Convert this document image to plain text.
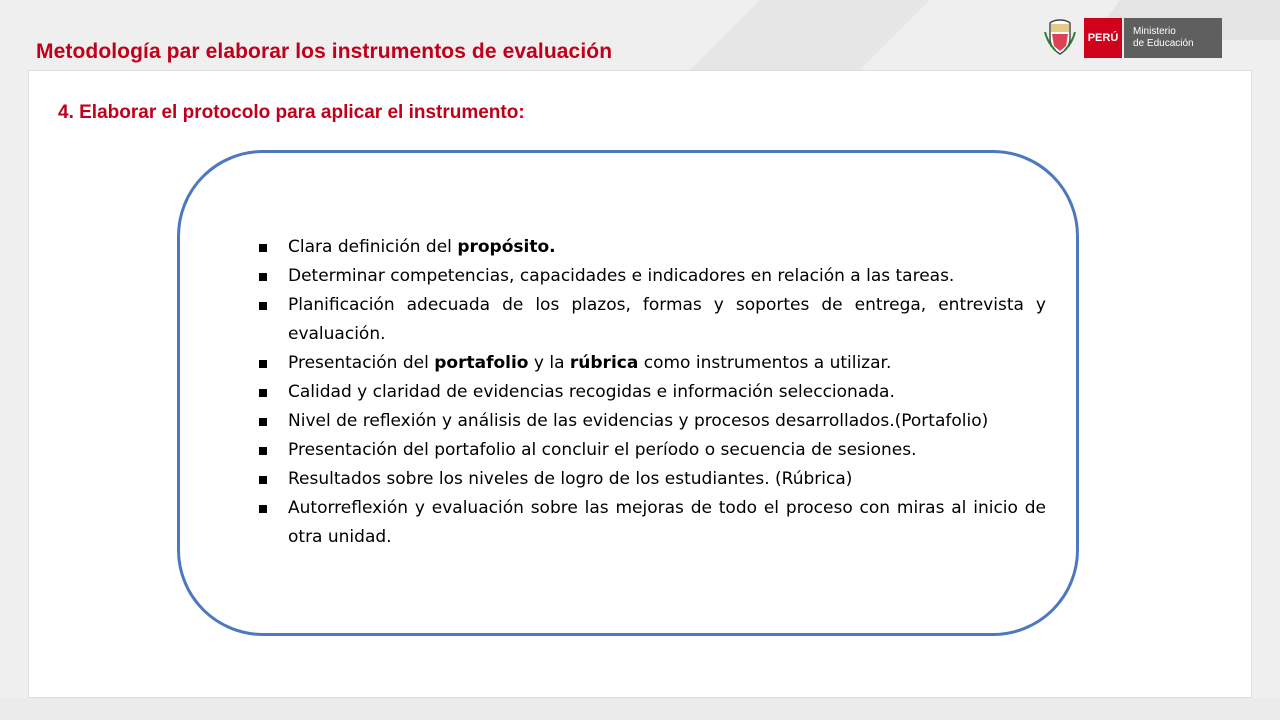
Metodología par elaborar los instrumentos de evaluación
PERÚ
Ministerio
de Educación
4. Elaborar el protocolo para aplicar el instrumento:
Clara definición del propósito.
Determinar competencias, capacidades e indicadores en relación a las tareas.
Planificación adecuada de los plazos, formas y soportes de entrega, entrevista y evaluación.
Presentación del portafolio y la rúbrica como instrumentos a utilizar.
Calidad y claridad de evidencias recogidas e información seleccionada.
Nivel de reflexión y análisis de las evidencias y procesos desarrollados.(Portafolio)
Presentación del portafolio al concluir el período o secuencia de sesiones.
Resultados sobre los niveles de logro de los estudiantes. (Rúbrica)
Autorreflexión y evaluación sobre las mejoras de todo el proceso con miras al inicio de otra unidad.
